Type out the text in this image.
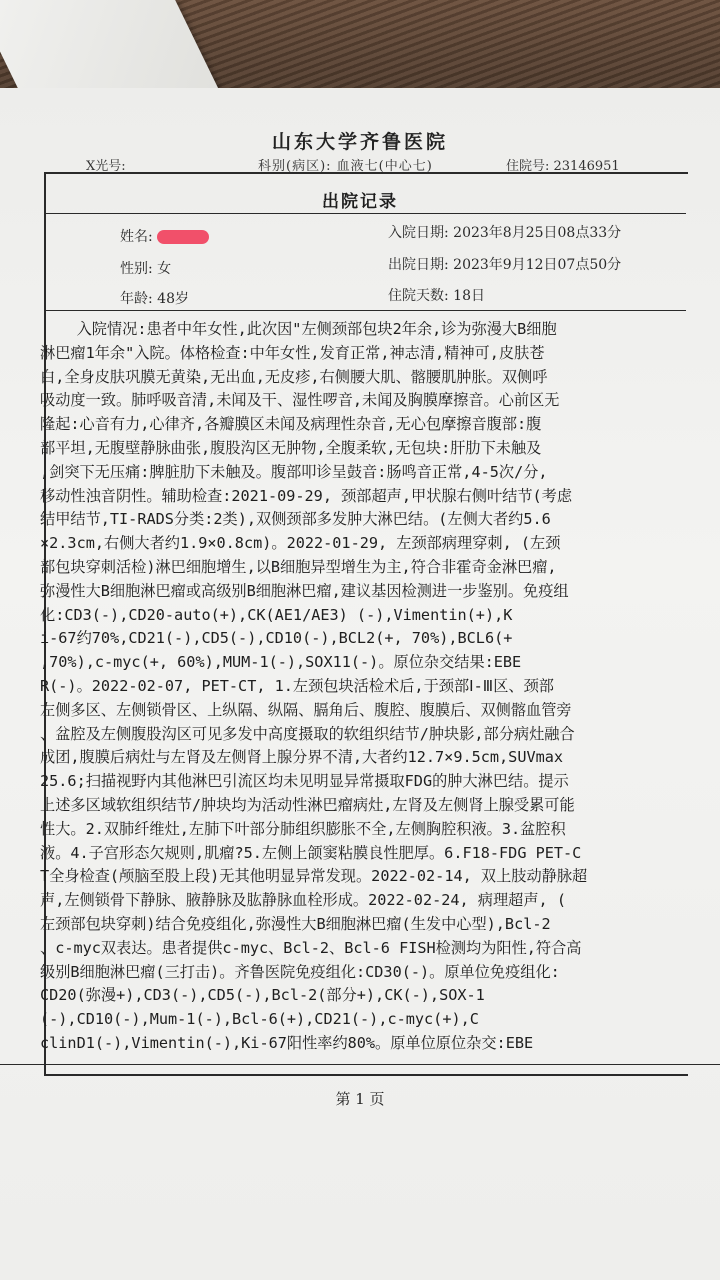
山东大学齐鲁医院
X光号:	科别(病区): 血液七(中心七)	住院号: 23146951
出院记录
姓名:
性别: 女
年龄: 48岁
入院日期: 2023年8月25日08点33分
出院日期: 2023年9月12日07点50分
住院天数: 18日
入院情况:患者中年女性,此次因"左侧颈部包块2年余,诊为弥漫大B细胞
淋巴瘤1年余"入院。体格检查:中年女性,发育正常,神志清,精神可,皮肤苍
白,全身皮肤巩膜无黄染,无出血,无皮疹,右侧腰大肌、髂腰肌肿胀。双侧呼
吸动度一致。肺呼吸音清,未闻及干、湿性啰音,未闻及胸膜摩擦音。心前区无
隆起:心音有力,心律齐,各瓣膜区未闻及病理性杂音,无心包摩擦音腹部:腹
部平坦,无腹壁静脉曲张,腹股沟区无肿物,全腹柔软,无包块:肝肋下未触及
,剑突下无压痛:脾脏肋下未触及。腹部叩诊呈鼓音:肠鸣音正常,4-5次/分,
移动性浊音阴性。辅助检查:2021-09-29, 颈部超声,甲状腺右侧叶结节(考虑
结甲结节,TI-RADS分类:2类),双侧颈部多发肿大淋巴结。(左侧大者约5.6
×2.3cm,右侧大者约1.9×0.8cm)。2022-01-29, 左颈部病理穿刺, (左颈
部包块穿刺活检)淋巴细胞增生,以B细胞异型增生为主,符合非霍奇金淋巴瘤,
弥漫性大B细胞淋巴瘤或高级别B细胞淋巴瘤,建议基因检测进一步鉴别。免疫组
化:CD3(-),CD20-auto(+),CK(AE1/AE3) (-),Vimentin(+),K
i-67约70%,CD21(-),CD5(-),CD10(-),BCL2(+, 70%),BCL6(+
,70%),c-myc(+, 60%),MUM-1(-),SOX11(-)。原位杂交结果:EBE
R(-)。2022-02-07, PET-CT, 1.左颈包块活检术后,于颈部Ⅰ-Ⅲ区、颈部
左侧多区、左侧锁骨区、上纵隔、纵隔、膈角后、腹腔、腹膜后、双侧髂血管旁
、盆腔及左侧腹股沟区可见多发中高度摄取的软组织结节/肿块影,部分病灶融合
成团,腹膜后病灶与左肾及左侧肾上腺分界不清,大者约12.7×9.5cm,SUVmax
25.6;扫描视野内其他淋巴引流区均未见明显异常摄取FDG的肿大淋巴结。提示
上述多区域软组织结节/肿块均为活动性淋巴瘤病灶,左肾及左侧肾上腺受累可能
性大。2.双肺纤维灶,左肺下叶部分肺组织膨胀不全,左侧胸腔积液。3.盆腔积
液。4.子宫形态欠规则,肌瘤?5.左侧上颌窦粘膜良性肥厚。6.F18-FDG PET-C
T全身检查(颅脑至股上段)无其他明显异常发现。2022-02-14, 双上肢动静脉超
声,左侧锁骨下静脉、腋静脉及肱静脉血栓形成。2022-02-24, 病理超声, (
左颈部包块穿刺)结合免疫组化,弥漫性大B细胞淋巴瘤(生发中心型),Bcl-2
、c-myc双表达。患者提供c-myc、Bcl-2、Bcl-6 FISH检测均为阳性,符合高
级别B细胞淋巴瘤(三打击)。齐鲁医院免疫组化:CD30(-)。原单位免疫组化:
CD20(弥漫+),CD3(-),CD5(-),Bcl-2(部分+),CK(-),SOX-1
(-),CD10(-),Mum-1(-),Bcl-6(+),CD21(-),c-myc(+),C
clinD1(-),Vimentin(-),Ki-67阳性率约80%。原单位原位杂交:EBE
第 1 页
